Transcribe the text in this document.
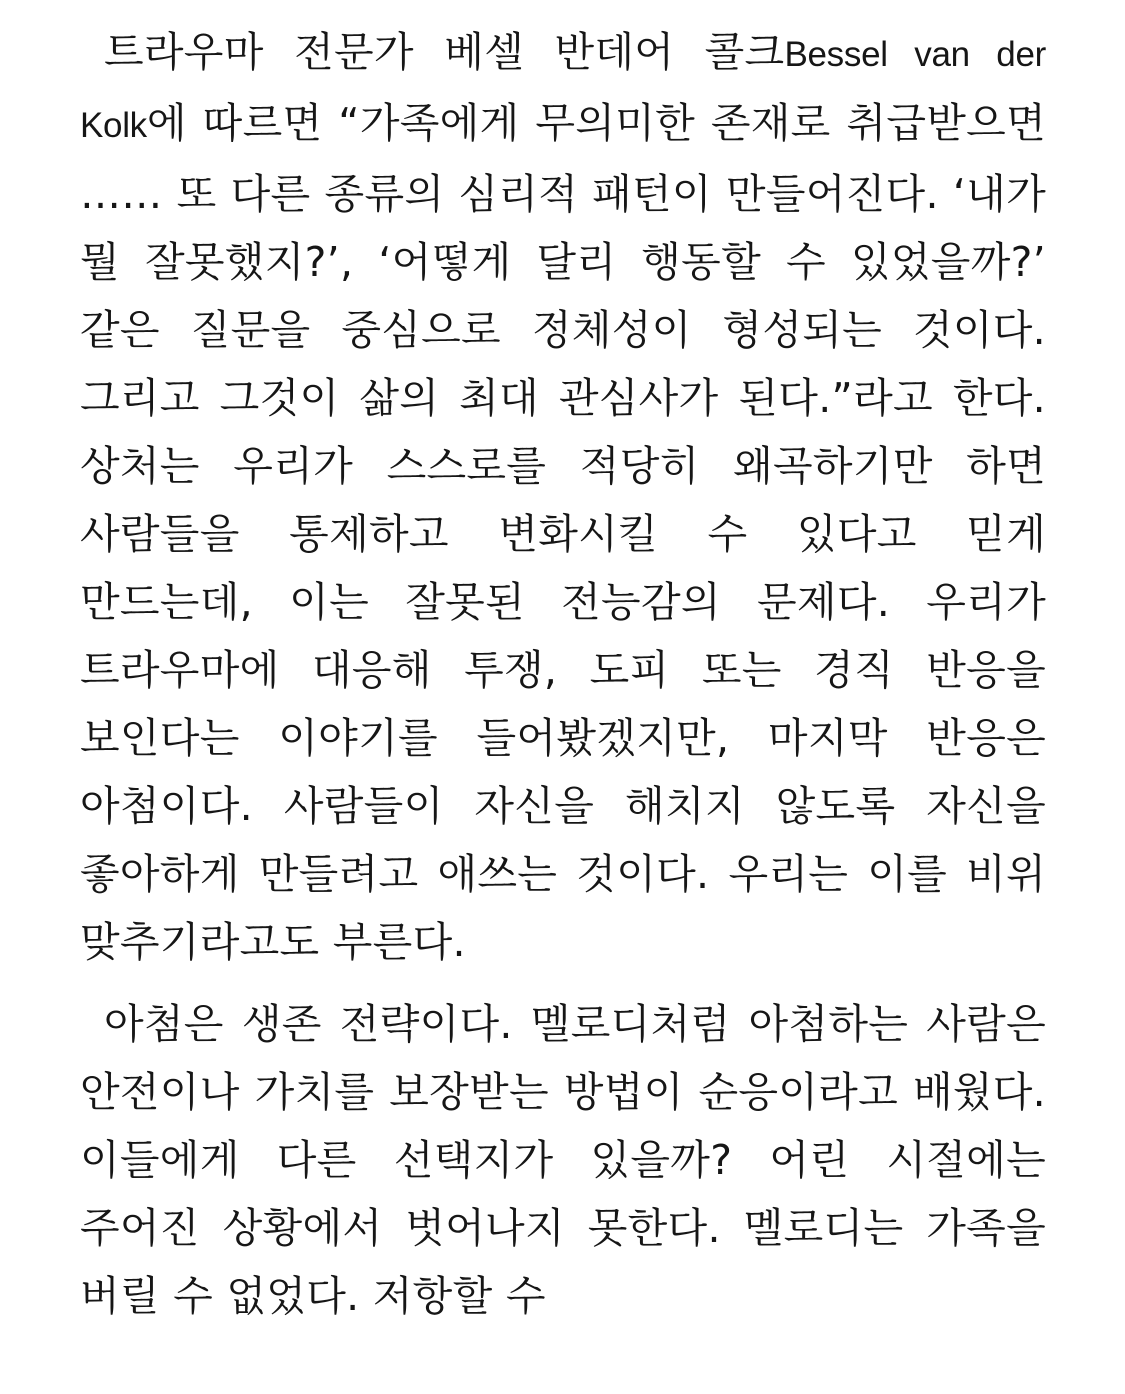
트라우마 전문가 베셀 반데어 콜크Bessel van der Kolk에 따르면 “가족에게 무의미한 존재로 취급받으면 …… 또 다른 종류의 심리적 패턴이 만들어진다. ‘내가 뭘 잘못했지?’, ‘어떻게 달리 행동할 수 있었을까?’ 같은 질문을 중심으로 정체성이 형성되는 것이다. 그리고 그것이 삶의 최대 관심사가 된다.”라고 한다. 상처는 우리가 스스로를 적당히 왜곡하기만 하면 사람들을 통제하고 변화시킬 수 있다고 믿게 만드는데, 이는 잘못된 전능감의 문제다. 우리가 트라우마에 대응해 투쟁, 도피 또는 경직 반응을 보인다는 이야기를 들어봤겠지만, 마지막 반응은 아첨이다. 사람들이 자신을 해치지 않도록 자신을 좋아하게 만들려고 애쓰는 것이다. 우리는 이를 비위 맞추기라고도 부른다.

아첨은 생존 전략이다. 멜로디처럼 아첨하는 사람은 안전이나 가치를 보장받는 방법이 순응이라고 배웠다. 이들에게 다른 선택지가 있을까? 어린 시절에는 주어진 상황에서 벗어나지 못한다. 멜로디는 가족을 버릴 수 없었다. 저항할 수
